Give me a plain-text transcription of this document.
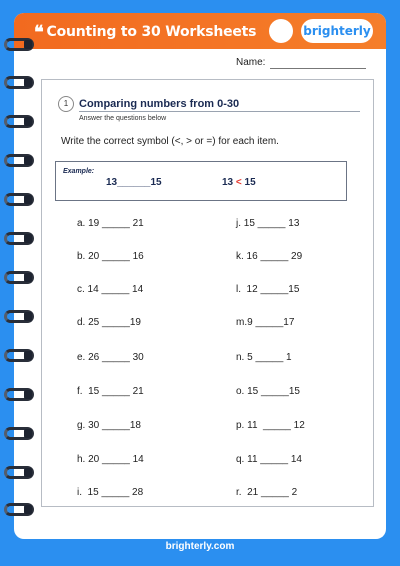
❝ Counting to 30 Worksheets	brighterly
Name:
1 Comparing numbers from 0-30
Answer the questions below
Write the correct symbol (<, > or =) for each item.
Example:
13______15	13 < 15
a. 19 _____ 21
b. 20 _____ 16
c. 14 _____ 14
d. 25 _____19
e. 26 _____ 30
f.  15 _____ 21
g. 30 _____18
h. 20 _____ 14
i.  15 _____ 28
j. 15 _____ 13
k. 16 _____ 29
l.  12 _____15
m.9 _____17
n. 5 _____ 1
o. 15 _____15
p. 11  _____ 12
q. 11 _____ 14
r.  21 _____ 2
brighterly.com
